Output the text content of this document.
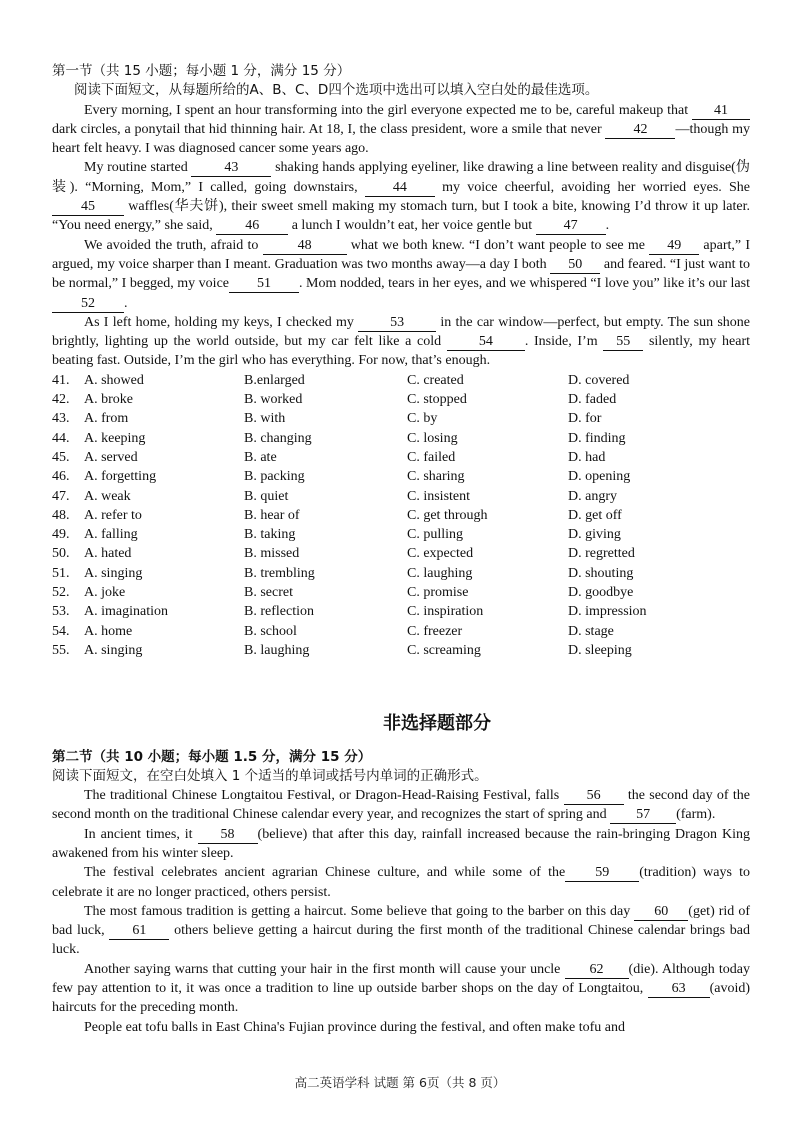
第一节（共 15 小题；每小题 1 分，满分 15 分）
阅读下面短文，从每题所给的A、B、C、D四个选项中选出可以填入空白处的最佳选项。

Every morning, I spent an hour transforming into the girl everyone expected me to be, careful makeup that 41 dark circles, a ponytail that hid thinning hair. At 18, I, the class president, wore a smile that never 42 —though my heart felt heavy. I was diagnosed cancer some years ago.

My routine started 43 shaking hands applying eyeliner, like drawing a line between reality and disguise(伪装). “Morning, Mom,” I called, going downstairs, 44 my voice cheerful, avoiding her worried eyes. She 45 waffles(华夫饼), their sweet smell making my stomach turn, but I took a bite, knowing I’d throw it up later. “You need energy,” she said, 46 a lunch I wouldn’t eat, her voice gentle but 47 .

We avoided the truth, afraid to	48	what we both knew. “I don’t want people to see me 49 apart,” I argued, my voice sharper than I meant. Graduation was two months away—a day I both 50 and feared. “I just want to be normal,” I begged, my voice 51 . Mom nodded, tears in her eyes, and we whispered “I love you” like it’s our last 52 .

As I left home, holding my keys, I checked my 53 in the car window—perfect, but empty. The sun shone brightly, lighting up the world outside, but my car felt like a cold 54 . Inside, I’m 55 silently, my heart beating fast. Outside, I’m the girl who has everything. For now, that’s enough.

41.	A. showed	B.enlarged	C. created	D. covered
42.	A. broke	B. worked	C. stopped	D. faded
43.	A. from	B. with	C. by	D. for
44.	A. keeping	B. changing	C. losing	D. finding
45.	A. served	B. ate	C. failed	D. had
46.	A. forgetting	B. packing	C. sharing	D. opening
47.	A. weak	B. quiet	C. insistent	D. angry
48.	A. refer to	B. hear of	C. get through	D. get off
49.	A. falling	B. taking	C. pulling	D. giving
50.	A. hated	B. missed	C. expected	D. regretted
51.	A. singing	B. trembling	C. laughing	D. shouting
52.	A. joke	B. secret	C. promise	D. goodbye
53.	A. imagination	B. reflection	C. inspiration	D. impression
54.	A. home	B. school	C. freezer	D. stage
55.	A. singing	B. laughing	C. screaming	D. sleeping
非选择题部分
第二节（共 10 小题；每小题 1.5 分，满分 15 分）
阅读下面短文，在空白处填入 1 个适当的单词或括号内单词的正确形式。

The traditional Chinese Longtaitou Festival, or Dragon-Head-Raising Festival, falls 56 the second day of the second month on the traditional Chinese calendar every year, and recognizes the start of spring and 57 (farm).

In ancient times, it 58 (believe) that after this day, rainfall increased because the rain-bringing Dragon King awakened from his winter sleep.

The festival celebrates ancient agrarian Chinese culture, and while some of the 59 (tradition) ways to celebrate it are no longer practiced, others persist.

The most famous tradition is getting a haircut. Some believe that going to the barber on this day 60 (get) rid of bad luck, 61 others believe getting a haircut during the first month of the traditional Chinese calendar brings bad luck.

Another saying warns that cutting your hair in the first month will cause your uncle 62 (die). Although today few pay attention to it, it was once a tradition to line up outside barber shops on the day of Longtaitou, 63 (avoid) haircuts for the preceding month.

People eat tofu balls in East China's Fujian province during the festival, and often make tofu and

高二英语学科 试题 第 6页（共 8 页）
